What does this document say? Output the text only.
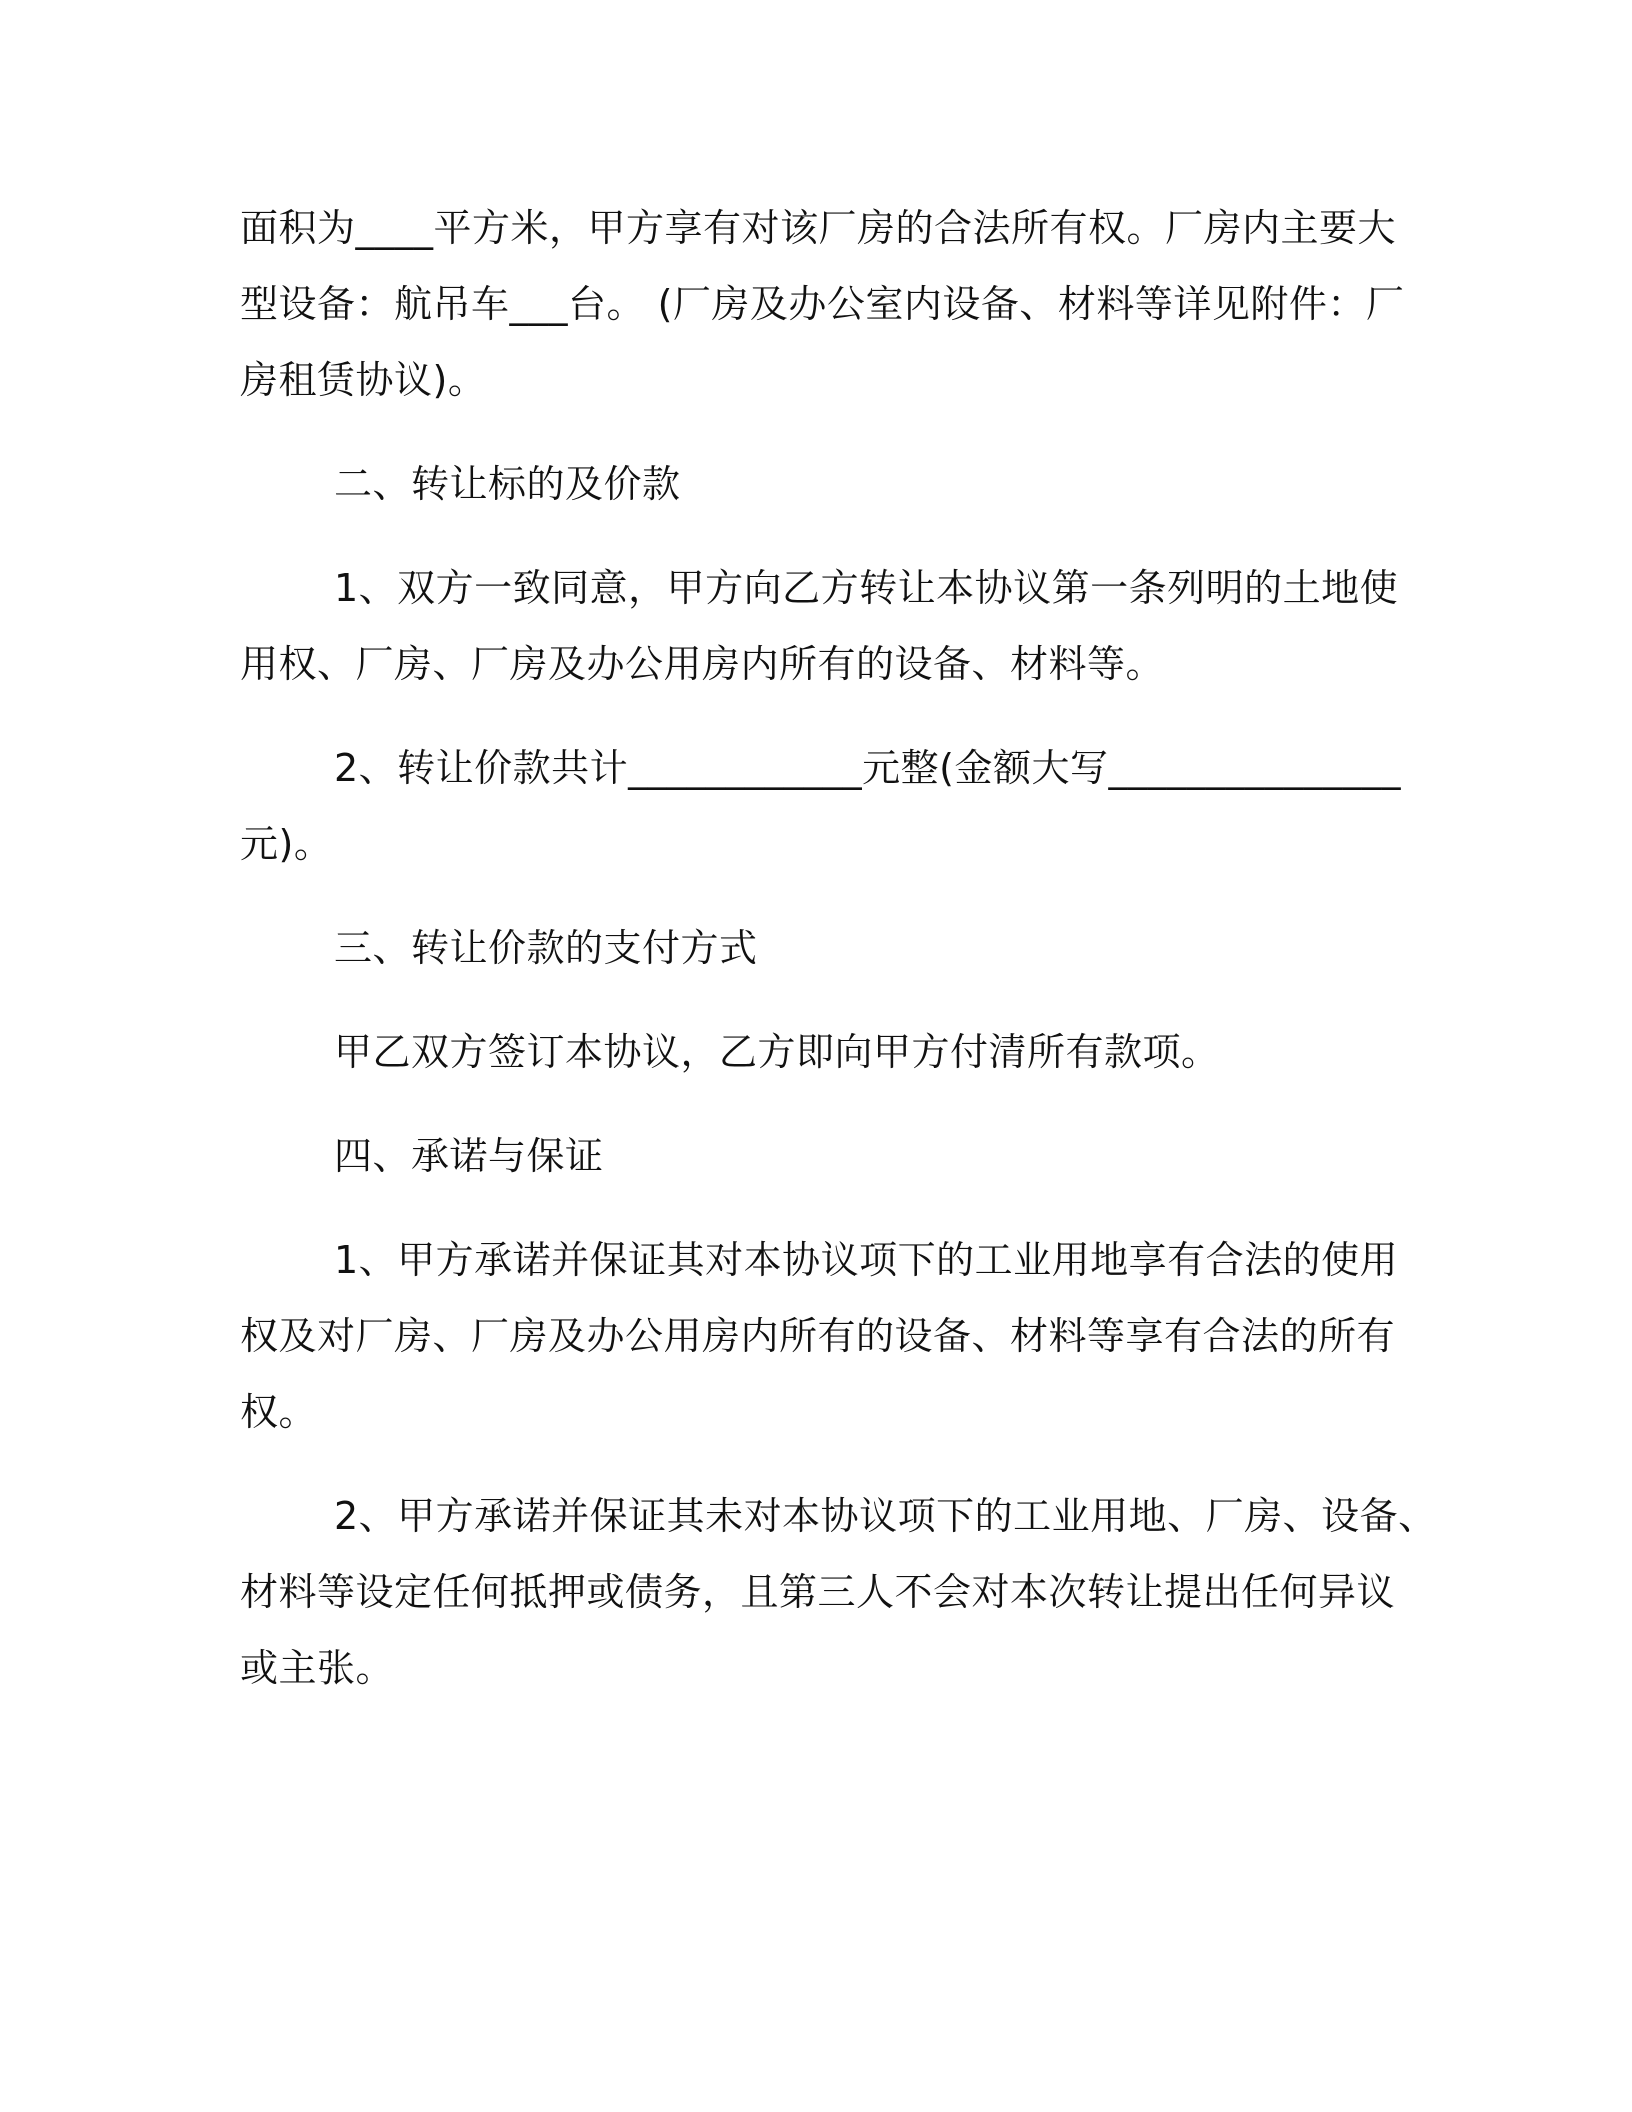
面积为____平方米，甲方享有对该厂房的合法所有权。厂房内主要大
型设备：航吊车___台。 (厂房及办公室内设备、材料等详见附件：厂
房租赁协议)。
二、转让标的及价款
1、双方一致同意，甲方向乙方转让本协议第一条列明的土地使
用权、厂房、厂房及办公用房内所有的设备、材料等。
2、转让价款共计____________元整(金额大写_______________
元)。
三、转让价款的支付方式
甲乙双方签订本协议，乙方即向甲方付清所有款项。
四、承诺与保证
1、甲方承诺并保证其对本协议项下的工业用地享有合法的使用
权及对厂房、厂房及办公用房内所有的设备、材料等享有合法的所有
权。
2、甲方承诺并保证其未对本协议项下的工业用地、厂房、设备、
材料等设定任何抵押或债务，且第三人不会对本次转让提出任何异议
或主张。
